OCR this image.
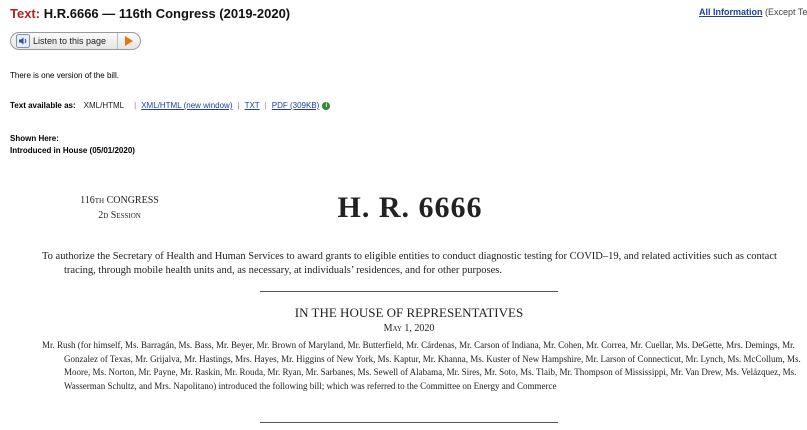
Text: H.R.6666 — 116th Congress (2019-2020)	All Information (Except Te
Listen to this page
There is one version of the bill.
Text available as: XML/HTML | XML/HTML (new window) | TXT | PDF (309KB)	i
Shown Here:
Introduced in House (05/01/2020)
116th CONGRESS
2d Session	H. R. 6666
To authorize the Secretary of Health and Human Services to award grants to eligible entities to conduct diagnostic testing for COVID–19, and related activities such as contact tracing, through mobile health units and, as necessary, at individuals’ residences, and for other purposes.
IN THE HOUSE OF REPRESENTATIVES
May 1, 2020
Mr. Rush (for himself, Ms. Barragán, Ms. Bass, Mr. Beyer, Mr. Brown of Maryland, Mr. Butterfield, Mr. Cárdenas, Mr. Carson of Indiana, Mr. Cohen, Mr. Correa, Mr. Cuellar, Ms. DeGette, Mrs. Demings, Mr. Gonzalez of Texas, Mr. Grijalva, Mr. Hastings, Mrs. Hayes, Mr. Higgins of New York, Ms. Kaptur, Mr. Khanna, Ms. Kuster of New Hampshire, Mr. Larson of Connecticut, Mr. Lynch, Ms. McCollum, Ms. Moore, Ms. Norton, Mr. Payne, Mr. Raskin, Mr. Rouda, Mr. Ryan, Mr. Sarbanes, Ms. Sewell of Alabama, Mr. Sires, Mr. Soto, Ms. Tlaib, Mr. Thompson of Mississippi, Mr. Van Drew, Ms. Velázquez, Ms. Wasserman Schultz, and Mrs. Napolitano) introduced the following bill; which was referred to the Committee on Energy and Commerce
